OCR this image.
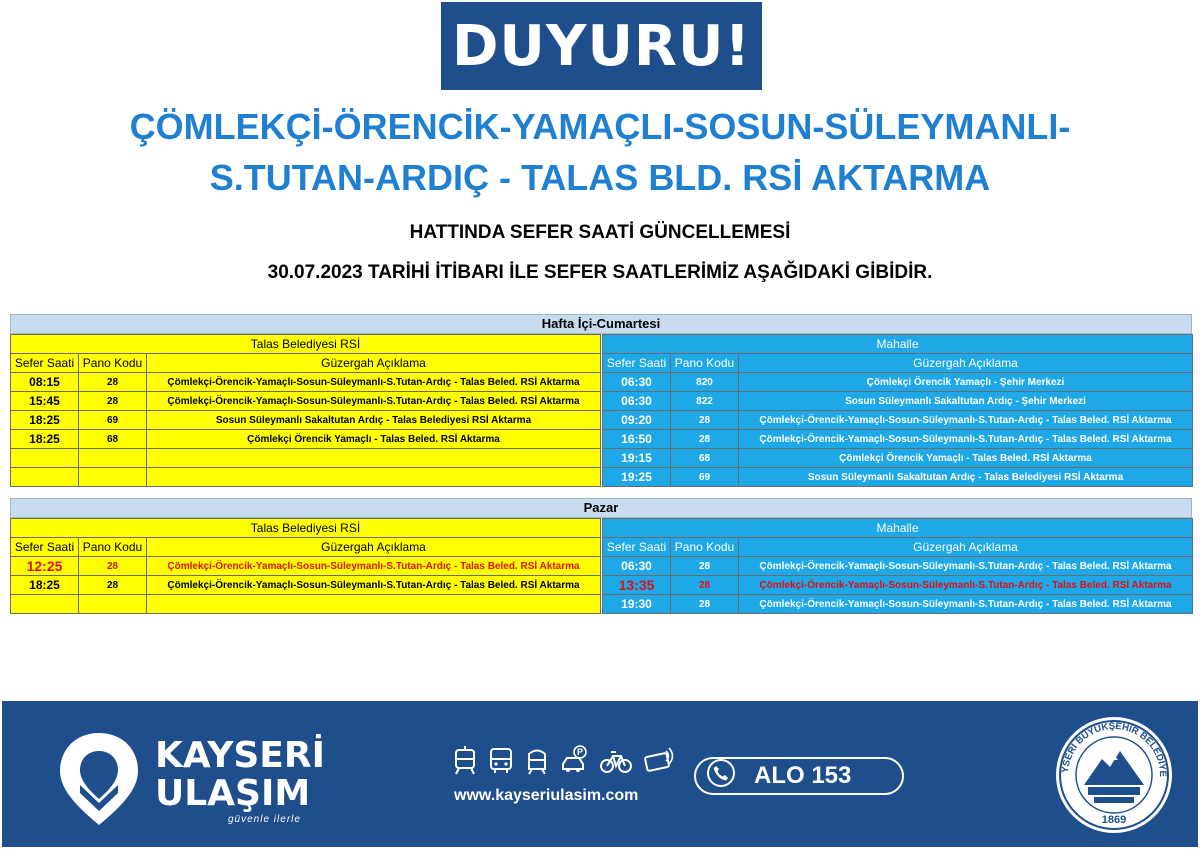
DUYURU!
ÇÖMLEKÇİ-ÖRENCİK-YAMAÇLI-SOSUN-SÜLEYMANLI-
S.TUTAN-ARDIÇ - TALAS BLD. RSİ AKTARMA
HATTINDA SEFER SAATİ GÜNCELLEMESİ
30.07.2023 TARİHİ İTİBARI İLE SEFER SAATLERİMİZ AŞAĞIDAKİ GİBİDİR.
Hafta İçi-Cumartesi
Talas Belediyesi RSİ		
Sefer Saati	Pano Kodu	Güzergah Açıklama
08:15	28	Çömlekçi-Örencik-Yamaçlı-Sosun-Süleymanlı-S.Tutan-Ardıç - Talas Beled. RSİ Aktarma
15:45	28	Çömlekçi-Örencik-Yamaçlı-Sosun-Süleymanlı-S.Tutan-Ardıç - Talas Beled. RSİ Aktarma
18:25	69	Sosun Süleymanlı Sakaltutan Ardıç - Talas Belediyesi RSİ Aktarma
18:25	68	Çömlekçi Örencik Yamaçlı - Talas Beled. RSİ Aktarma

Mahalle		
Sefer Saati	Pano Kodu	Güzergah Açıklama
06:30	820	Çömlekçi Örencik Yamaçlı - Şehir Merkezi
06:30	822	Sosun Süleymanlı Sakaltutan Ardıç - Şehir Merkezi
09:20	28	Çömlekçi-Örencik-Yamaçlı-Sosun-Süleymanlı-S.Tutan-Ardıç - Talas Beled. RSİ Aktarma
16:50	28	Çömlekçi-Örencik-Yamaçlı-Sosun-Süleymanlı-S.Tutan-Ardıç - Talas Beled. RSİ Aktarma
19:15	68	Çömlekçi Örencik Yamaçlı - Talas Beled. RSİ Aktarma
19:25	69	Sosun Süleymanlı Sakaltutan Ardıç - Talas Belediyesi RSİ Aktarma
Pazar
Talas Belediyesi RSİ		
Sefer Saati	Pano Kodu	Güzergah Açıklama
12:25	28	Çömlekçi-Örencik-Yamaçlı-Sosun-Süleymanlı-S.Tutan-Ardıç - Talas Beled. RSİ Aktarma
18:25	28	Çömlekçi-Örencik-Yamaçlı-Sosun-Süleymanlı-S.Tutan-Ardıç - Talas Beled. RSİ Aktarma

Mahalle		
Sefer Saati	Pano Kodu	Güzergah Açıklama
06:30	28	Çömlekçi-Örencik-Yamaçlı-Sosun-Süleymanlı-S.Tutan-Ardıç - Talas Beled. RSİ Aktarma
13:35	28	Çömlekçi-Örencik-Yamaçlı-Sosun-Süleymanlı-S.Tutan-Ardıç - Talas Beled. RSİ Aktarma
19:30	28	Çömlekçi-Örencik-Yamaçlı-Sosun-Süleymanlı-S.Tutan-Ardıç - Talas Beled. RSİ Aktarma
KAYSERİ
ULAŞIM
güvenle ilerle
P
www.kayseriulasim.com
ALO 153	YSERİ BÜYÜKŞEHİR BELEDİYE
1869
